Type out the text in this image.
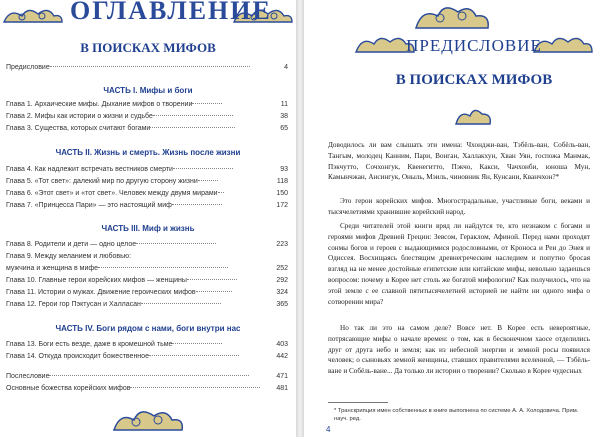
ОГЛАВЛЕНИЕ
В ПОИСКАХ МИФОВ
Предисловие	4
ЧАСТЬ I. Мифы и боги
Глава 1. Архаические мифы. Дыхание мифов о творении	11
Глава 2. Мифы как истории о жизни и судьбе	38
Глава 3. Существа, которых считают богами	65
ЧАСТЬ II. Жизнь и смерть. Жизнь после жизни
Глава 4. Как надлежит встречать вестников смерти	93
Глава 5. «Тот свет»: далекий мир по другую сторону жизни	118
Глава 6. «Этот свет» и «тот свет». Человек между двумя мирами	150
Глава 7. «Принцесса Пари» — это настоящий миф	172
ЧАСТЬ III. Миф и жизнь
Глава 8. Родители и дети — одно целое	223
Глава 9. Между желанием и любовью:
мужчина и женщина в мифе	252
Глава 10. Главные герои корейских мифов — женщины	292
Глава 11. Истории о мужах. Движение героических мифов	324
Глава 12. Герои гор Пэктусан и Халласан	365
ЧАСТЬ IV. Боги рядом с нами, боги внутри нас
Глава 13. Боги есть везде, даже в кромешной тьме	403
Глава 14. Откуда происходит божественное	442
Послесловие	471
Основные божества корейских мифов	481
ПРЕДИСЛОВИЕ
В ПОИСКАХ МИФОВ
Доводилось ли вам слышать эти имена: Чхонджи-ван, Тэбёль-ван, Собёль-ван, Тангым, молодец Канним, Пари, Вонган, Халлакхун, Хван Уян, госпожа Манмак, Пэкчутто, Сочхонгук, Квенегитто, Пэкчо, Какси, Чачхонби, юноша Мун, Камынчжан, Ансингук, Оныль, Мэиль, чиновник Ян, Кунсани, Кванчхон?*
Это герои корейских мифов. Многострадальные, участливые боги, веками и тысячелетиями хранившие корейский народ.
Среди читателей этой книги вряд ли найдутся те, кто незнаком с богами и героями мифов Древней Греции: Зевсом, Гераклом, Афиной. Перед нами проходят сонмы богов и героев с выдающимися родословными, от Кроноса и Реи до Энея и Одиссея. Восхищаясь блестящим древнегреческим наследием и попутно бросая взгляд на не менее достойные египетские или китайские мифы, невольно задаешься вопросом: почему в Корее нет столь же богатой мифологии? Как получилось, что на этой земле с ее славной пятитысячелетней историей не найти ни одного мифа о сотворении мира?
Но так ли это на самом деле? Вовсе нет. В Корее есть невероятные, потрясающие мифы о начале времен: о том, как в бесконечном хаосе отделились друг от друга небо и земля; как из небесной энергии и земной росы появился человек; о сыновьях земной женщины, ставших правителями вселенной, — Тэбёль-ване и Собёль-ване... Да только ли истории о творении? Сколько в Корее чудесных
* Транскрипция имен собственных в книге выполнена по системе А. А. Холодовича. Прим. науч. ред.
4
